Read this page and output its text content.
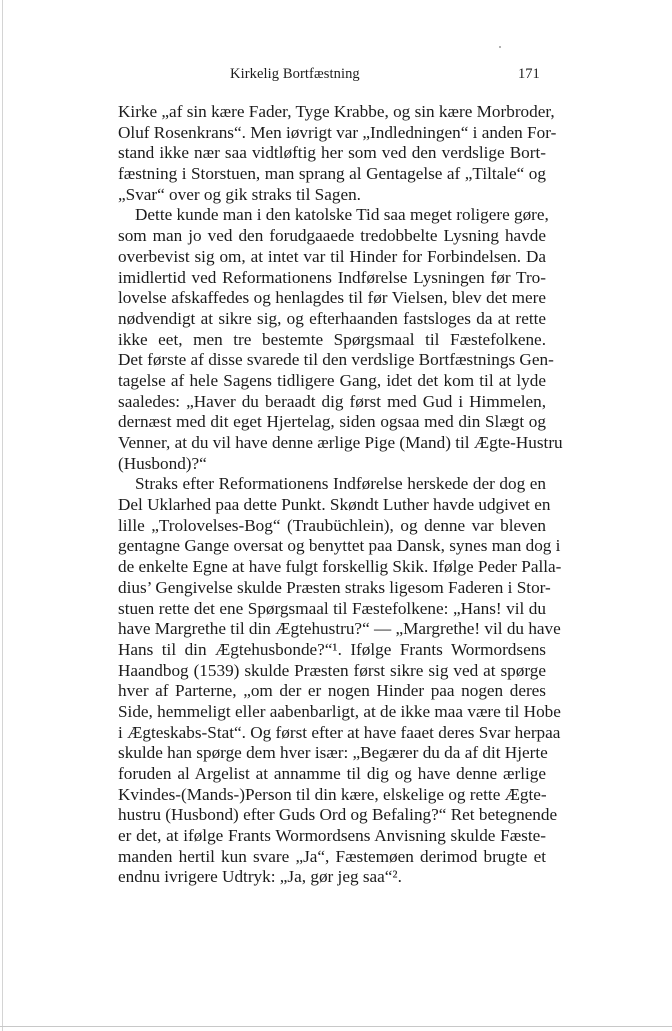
Kirkelig Bortfæstning	171
Kirke „af sin kære Fader, Tyge Krabbe, og sin kære Morbroder,
Oluf Rosenkrans“. Men iøvrigt var „Indledningen“ i anden For-
stand ikke nær saa vidtløftig her som ved den verdslige Bort-
fæstning i Storstuen, man sprang al Gentagelse af „Tiltale“ og
„Svar“ over og gik straks til Sagen.
Dette kunde man i den katolske Tid saa meget roligere gøre,
som man jo ved den forudgaaede tredobbelte Lysning havde
overbevist sig om, at intet var til Hinder for Forbindelsen. Da
imidlertid ved Reformationens Indførelse Lysningen før Tro-
lovelse afskaffedes og henlagdes til før Vielsen, blev det mere
nødvendigt at sikre sig, og efterhaanden fastsloges da at rette
ikke eet, men tre bestemte Spørgsmaal til Fæstefolkene.
Det første af disse svarede til den verdslige Bortfæstnings Gen-
tagelse af hele Sagens tidligere Gang, idet det kom til at lyde
saaledes: „Haver du beraadt dig først med Gud i Himmelen,
dernæst med dit eget Hjertelag, siden ogsaa med din Slægt og
Venner, at du vil have denne ærlige Pige (Mand) til Ægte-Hustru
(Husbond)?“
Straks efter Reformationens Indførelse herskede der dog en
Del Uklarhed paa dette Punkt. Skøndt Luther havde udgivet en
lille „Trolovelses-Bog“ (Traubüchlein), og denne var bleven
gentagne Gange oversat og benyttet paa Dansk, synes man dog i
de enkelte Egne at have fulgt forskellig Skik. Ifølge Peder Palla-
dius’ Gengivelse skulde Præsten straks ligesom Faderen i Stor-
stuen rette det ene Spørgsmaal til Fæstefolkene: „Hans! vil du
have Margrethe til din Ægtehustru?“ — „Margrethe! vil du have
Hans til din Ægtehusbonde?“¹. Ifølge Frants Wormordsens
Haandbog (1539) skulde Præsten først sikre sig ved at spørge
hver af Parterne, „om der er nogen Hinder paa nogen deres
Side, hemmeligt eller aabenbarligt, at de ikke maa være til Hobe
i Ægteskabs-Stat“. Og først efter at have faaet deres Svar herpaa
skulde han spørge dem hver især: „Begærer du da af dit Hjerte
foruden al Argelist at annamme til dig og have denne ærlige
Kvindes-(Mands-)Person til din kære, elskelige og rette Ægte-
hustru (Husbond) efter Guds Ord og Befaling?“ Ret betegnende
er det, at ifølge Frants Wormordsens Anvisning skulde Fæste-
manden hertil kun svare „Ja“, Fæstemøen derimod brugte et
endnu ivrigere Udtryk: „Ja, gør jeg saa“².
